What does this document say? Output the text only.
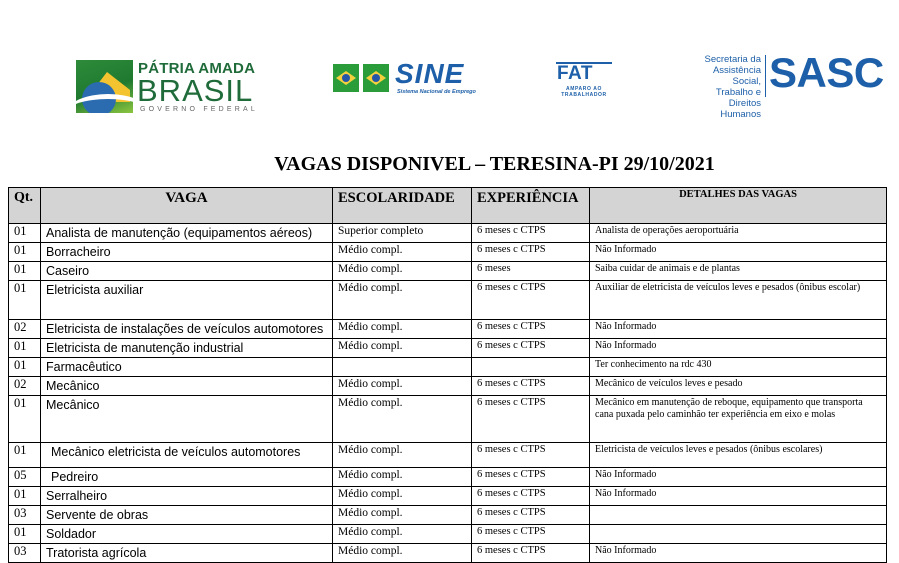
PÁTRIA AMADA
BRASIL
GOVERNO FEDERAL
SINE
Sistema Nacional de Emprego
FAT
AMPARO AO
TRABALHADOR
Secretaria da
Assistência Social,
Trabalho e
Direitos Humanos
SASC
VAGAS DISPONIVEL – TERESINA-PI 29/10/2021
Qt.	VAGA	ESCOLARIDADE	EXPERIÊNCIA	DETALHES DAS VAGAS
01	Analista de manutenção (equipamentos aéreos)	Superior completo	6 meses c CTPS	Analista de operações aeroportuária
01	Borracheiro	Médio compl.	6 meses c CTPS	Não Informado
01	Caseiro	Médio compl.	6 meses	Saiba cuidar de animais e de plantas
01	Eletricista auxiliar	Médio compl.	6 meses c CTPS	Auxiliar de eletricista de veículos leves e pesados (ônibus escolar)
02	Eletricista de instalações de veículos automotores	Médio compl.	6 meses c CTPS	Não Informado
01	Eletricista de manutenção industrial	Médio compl.	6 meses c CTPS	Não Informado
01	Farmacêutico			Ter conhecimento na rdc 430
02	Mecânico	Médio compl.	6 meses c CTPS	Mecânico de veículos leves e pesado
01	Mecânico	Médio compl.	6 meses c CTPS	Mecânico em manutenção de reboque, equipamento que transporta cana puxada pelo caminhão ter experiência em eixo e molas
01	Mecânico eletricista de veículos automotores	Médio compl.	6 meses c CTPS	Eletricista de veículos leves e pesados (ônibus escolares)
05	Pedreiro	Médio compl.	6 meses c CTPS	Não Informado
01	Serralheiro	Médio compl.	6 meses c CTPS	Não Informado
03	Servente de obras	Médio compl.	6 meses c CTPS	
01	Soldador	Médio compl.	6 meses c CTPS	
03	Tratorista agrícola	Médio compl.	6 meses c CTPS	Não Informado
